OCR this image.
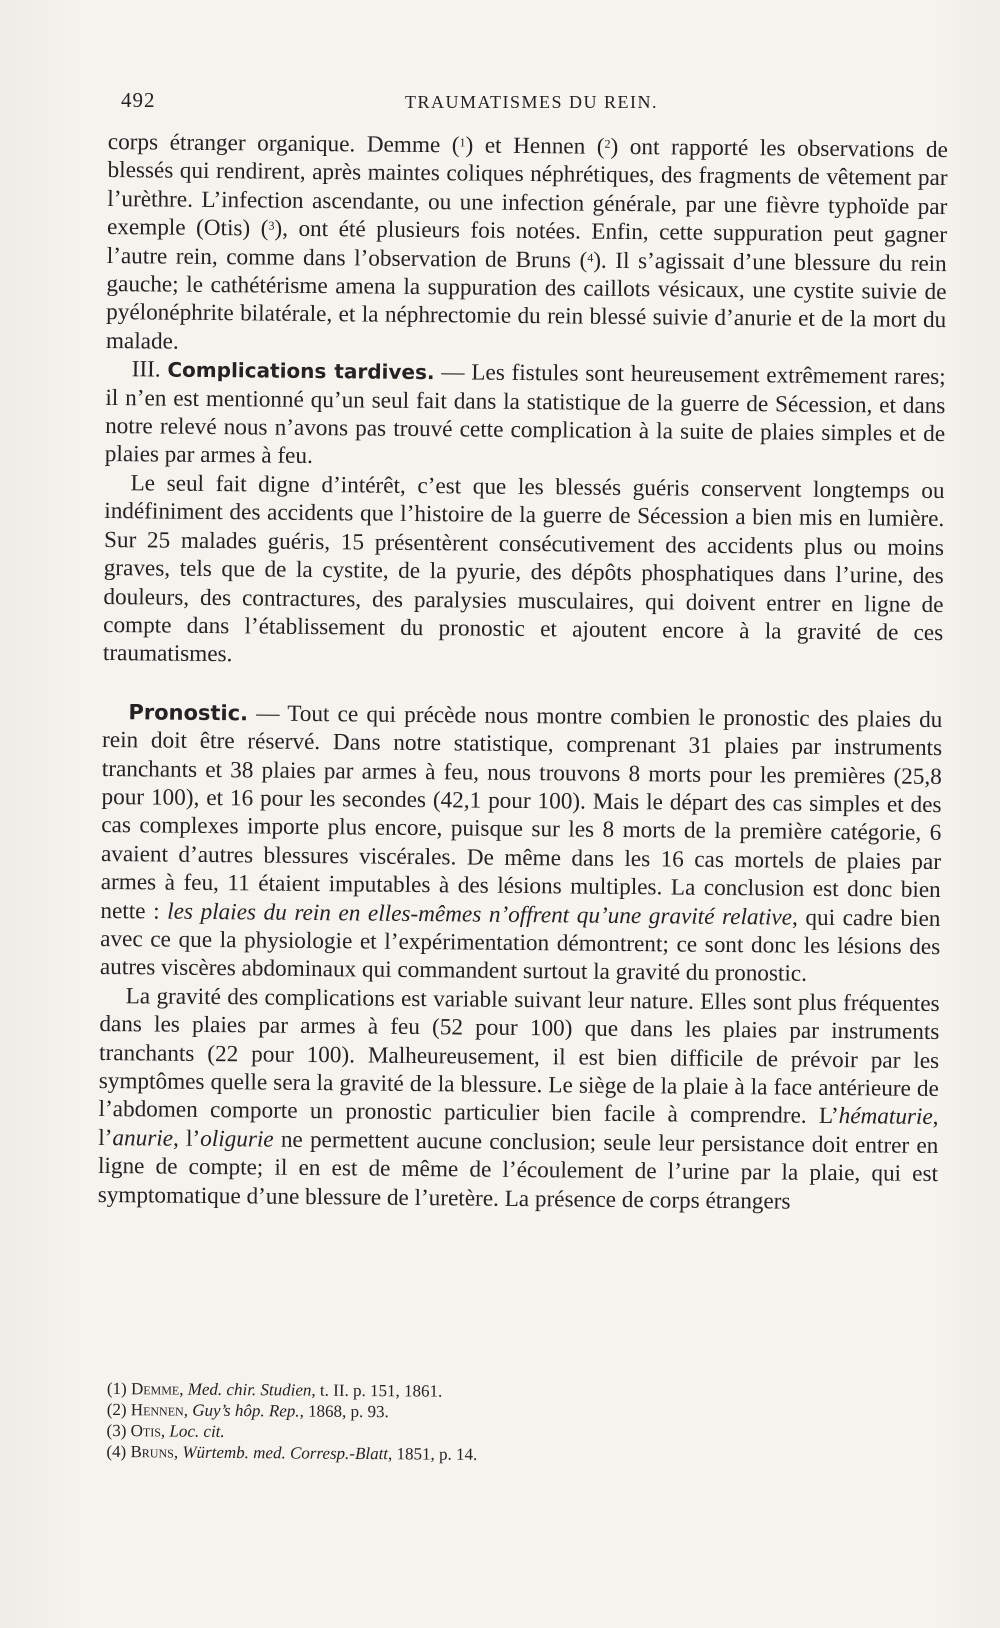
492	TRAUMATISMES DU REIN.

corps étranger organique. Demme ($^1$) et Hennen ($^2$) ont rapporté les observations de blessés qui rendirent, après maintes coliques néphrétiques, des fragments de vêtement par l’urèthre. L’infection ascendante, ou une infection générale, par une fièvre typhoïde par exemple (Otis) ($^3$), ont été plusieurs fois notées. Enfin, cette suppuration peut gagner l’autre rein, comme dans l’observation de Bruns ($^4$). Il s’agissait d’une blessure du rein gauche; le cathétérisme amena la suppuration des caillots vésicaux, une cystite suivie de pyélonéphrite bilatérale, et la néphrectomie du rein blessé suivie d’anurie et de la mort du malade.

III. Complications tardives. — Les fistules sont heureusement extrêmement rares; il n’en est mentionné qu’un seul fait dans la statistique de la guerre de Sécession, et dans notre relevé nous n’avons pas trouvé cette complication à la suite de plaies simples et de plaies par armes à feu.

Le seul fait digne d’intérêt, c’est que les blessés guéris conservent longtemps ou indéfiniment des accidents que l’histoire de la guerre de Sécession a bien mis en lumière. Sur 25 malades guéris, 15 présentèrent consécutivement des accidents plus ou moins graves, tels que de la cystite, de la pyurie, des dépôts phosphatiques dans l’urine, des douleurs, des contractures, des paralysies musculaires, qui doivent entrer en ligne de compte dans l’établissement du pronostic et ajoutent encore à la gravité de ces traumatismes.

Pronostic. — Tout ce qui précède nous montre combien le pronostic des plaies du rein doit être réservé. Dans notre statistique, comprenant 31 plaies par instruments tranchants et 38 plaies par armes à feu, nous trouvons 8 morts pour les premières (25,8 pour 100), et 16 pour les secondes (42,1 pour 100). Mais le départ des cas simples et des cas complexes importe plus encore, puisque sur les 8 morts de la première catégorie, 6 avaient d’autres blessures viscérales. De même dans les 16 cas mortels de plaies par armes à feu, 11 étaient imputables à des lésions multiples. La conclusion est donc bien nette : les plaies du rein en elles-mêmes n’offrent qu’une gravité relative, qui cadre bien avec ce que la physiologie et l’expérimentation démontrent; ce sont donc les lésions des autres viscères abdominaux qui commandent surtout la gravité du pronostic.

La gravité des complications est variable suivant leur nature. Elles sont plus fréquentes dans les plaies par armes à feu (52 pour 100) que dans les plaies par instruments tranchants (22 pour 100). Malheureusement, il est bien difficile de prévoir par les symptômes quelle sera la gravité de la blessure. Le siège de la plaie à la face antérieure de l’abdomen comporte un pronostic particulier bien facile à comprendre. L’hématurie, l’anurie, l’oligurie ne permettent aucune conclusion; seule leur persistance doit entrer en ligne de compte; il en est de même de l’écoulement de l’urine par la plaie, qui est symptomatique d’une blessure de l’uretère. La présence de corps étrangers

(1) Demme, Med. chir. Studien, t. II. p. 151, 1861.

(2) Hennen, Guy’s hôp. Rep., 1868, p. 93.

(3) Otis, Loc. cit.

(4) Bruns, Würtemb. med. Corresp.-Blatt, 1851, p. 14.
